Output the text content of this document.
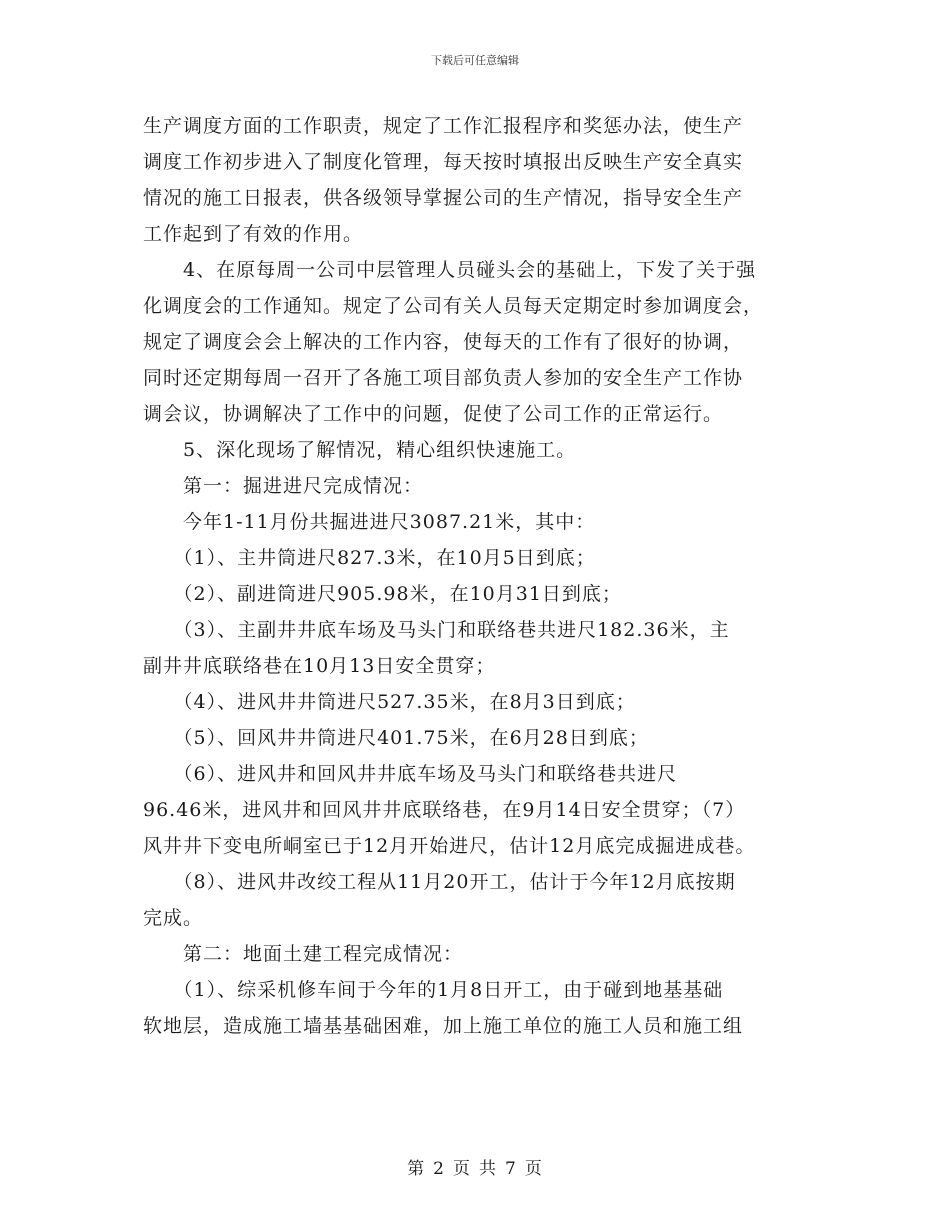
下载后可任意编辑

生产调度方面的工作职责，规定了工作汇报程序和奖惩办法，使生产
调度工作初步进入了制度化管理，每天按时填报出反映生产安全真实
情况的施工日报表，供各级领导掌握公司的生产情况，指导安全生产
工作起到了有效的作用。
　　4、在原每周一公司中层管理人员碰头会的基础上，下发了关于强
化调度会的工作通知。规定了公司有关人员每天定期定时参加调度会，
规定了调度会会上解决的工作内容，使每天的工作有了很好的协调，
同时还定期每周一召开了各施工项目部负责人参加的安全生产工作协
调会议，协调解决了工作中的问题，促使了公司工作的正常运行。
　　5、深化现场了解情况，精心组织快速施工。
　　第一：掘进进尺完成情况：
　　今年1-11月份共掘进进尺3087.21米，其中：
　　（1）、主井筒进尺827.3米，在10月5日到底；
　　（2）、副进筒进尺905.98米，在10月31日到底；
　　（3）、主副井井底车场及马头门和联络巷共进尺182.36米，主
副井井底联络巷在10月13日安全贯穿；
　　（4）、进风井井筒进尺527.35米，在8月3日到底；
　　（5）、回风井井筒进尺401.75米，在6月28日到底；
　　（6）、进风井和回风井井底车场及马头门和联络巷共进尺
96.46米，进风井和回风井井底联络巷，在9月14日安全贯穿；（7）
风井井下变电所峒室已于12月开始进尺，估计12月底完成掘进成巷。
　　（8）、进风井改绞工程从11月20开工，估计于今年12月底按期
完成。
　　第二：地面土建工程完成情况：
　　（1）、综采机修车间于今年的1月8日开工，由于碰到地基基础
软地层，造成施工墙基基础困难，加上施工单位的施工人员和施工组

第 2 页 共 7 页
